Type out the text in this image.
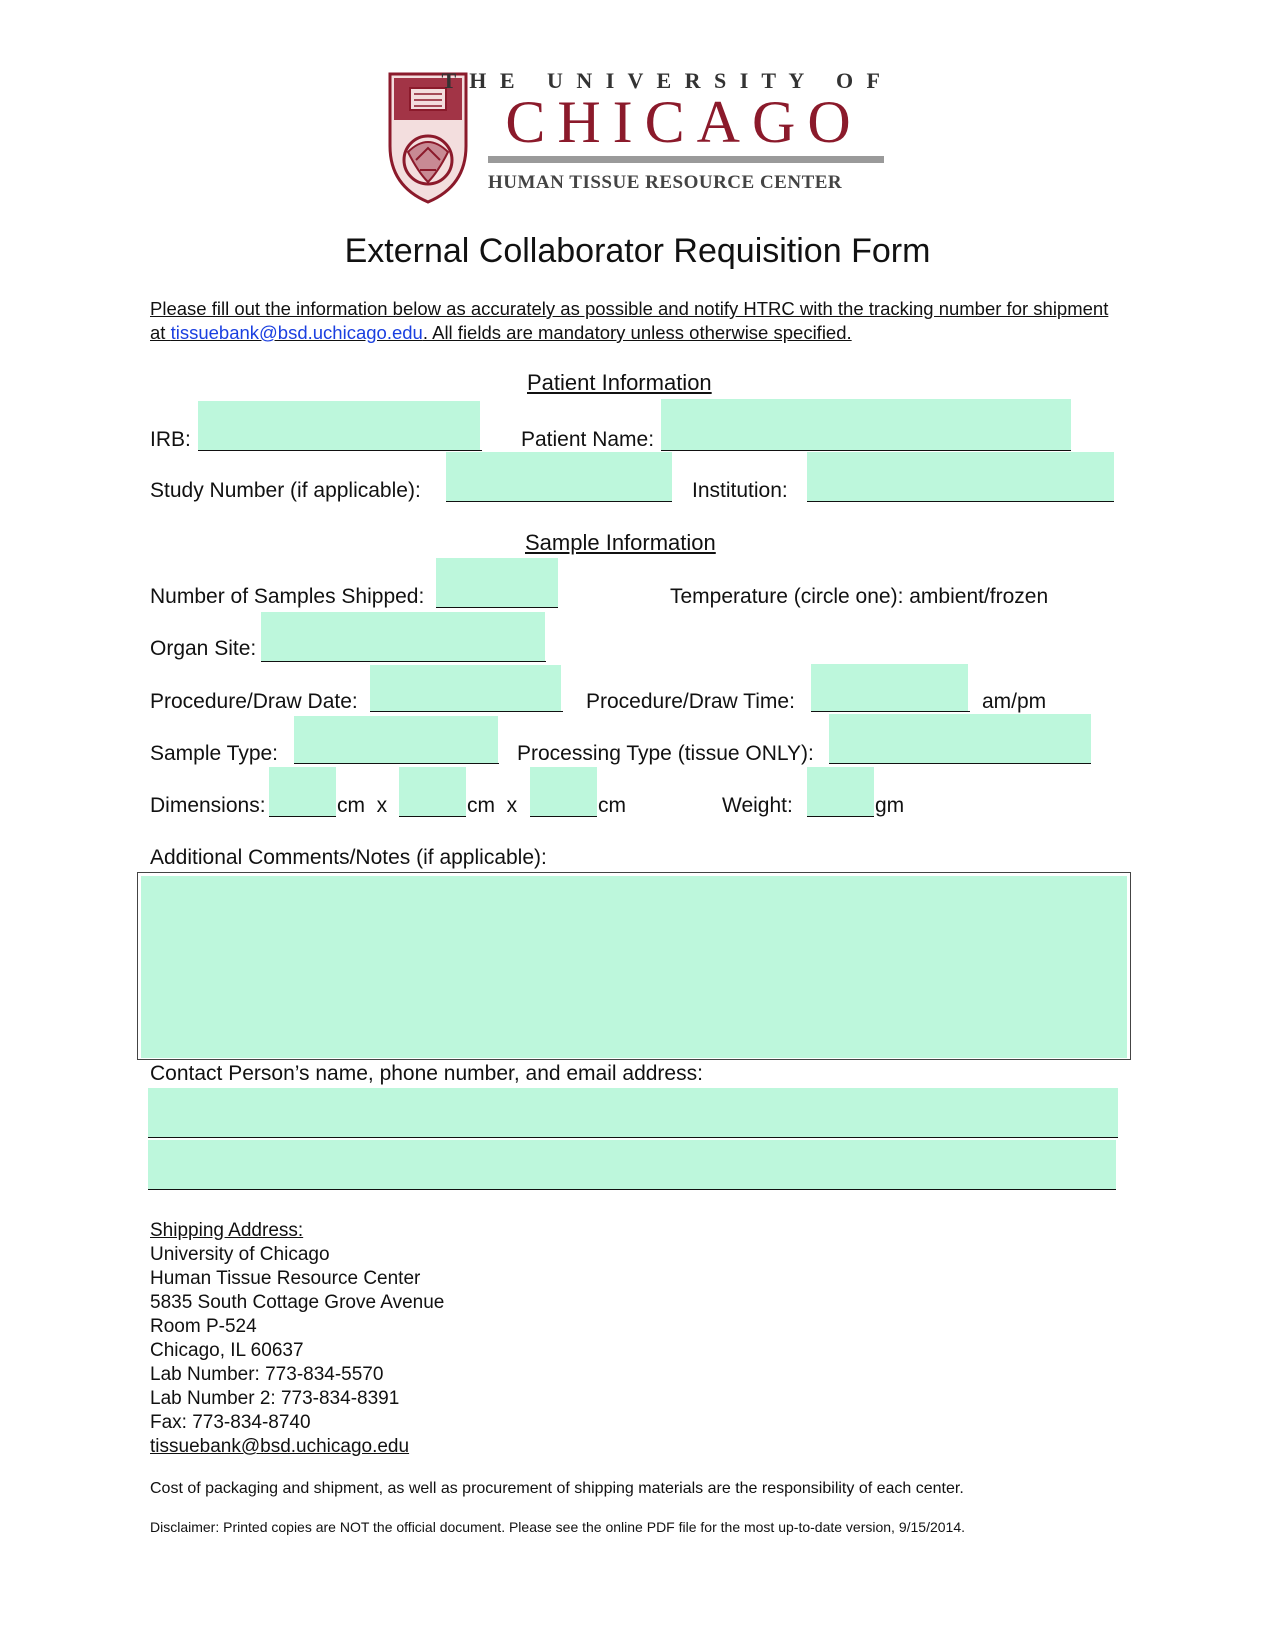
T H E   U N I V E R S I T Y   O F
CHICAGO
HUMAN TISSUE RESOURCE CENTER
External Collaborator Requisition Form
Please fill out the information below as accurately as possible and notify HTRC with the tracking number for shipment at tissuebank@bsd.uchicago.edu. All fields are mandatory unless otherwise specified.
Patient Information
IRB:	Patient Name:
Study Number (if applicable):	Institution:
Sample Information
Number of Samples Shipped:	Temperature (circle one): ambient/frozen
Organ Site:
Procedure/Draw Date:	Procedure/Draw Time:	am/pm
Sample Type:	Processing Type (tissue ONLY):
Dimensions:	cm  x	cm  x	cm	Weight:	gm
Additional Comments/Notes (if applicable):
Contact Person’s name, phone number, and email address:
Shipping Address:
University of Chicago
Human Tissue Resource Center
5835 South Cottage Grove Avenue
Room P-524
Chicago, IL 60637
Lab Number: 773-834-5570
Lab Number 2: 773-834-8391
Fax: 773-834-8740
tissuebank@bsd.uchicago.edu
Cost of packaging and shipment, as well as procurement of shipping materials are the responsibility of each center.
Disclaimer: Printed copies are NOT the official document. Please see the online PDF file for the most up-to-date version, 9/15/2014.
